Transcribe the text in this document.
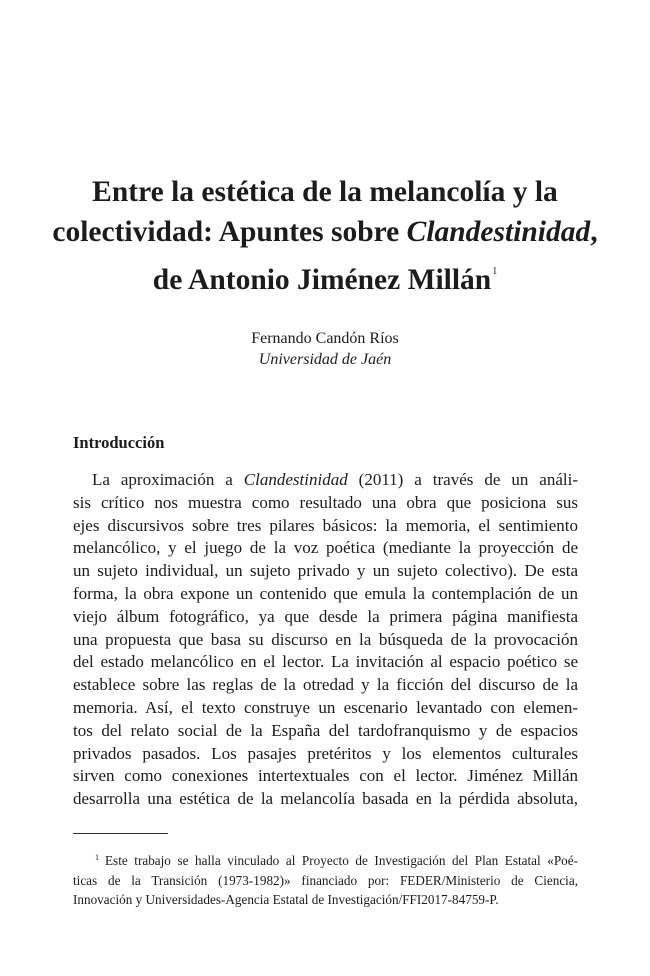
Entre la estética de la melancolía y la
colectividad: Apuntes sobre Clandestinidad,
de Antonio Jiménez Millán$^1$
Fernando Candón Ríos
Universidad de Jaén
Introducción
La aproximación a Clandestinidad (2011) a través de un análi-
sis crítico nos muestra como resultado una obra que posiciona sus
ejes discursivos sobre tres pilares básicos: la memoria, el sentimiento
melancólico, y el juego de la voz poética (mediante la proyección de
un sujeto individual, un sujeto privado y un sujeto colectivo). De esta
forma, la obra expone un contenido que emula la contemplación de un
viejo álbum fotográfico, ya que desde la primera página manifiesta
una propuesta que basa su discurso en la búsqueda de la provocación
del estado melancólico en el lector. La invitación al espacio poético se
establece sobre las reglas de la otredad y la ficción del discurso de la
memoria. Así, el texto construye un escenario levantado con elemen-
tos del relato social de la España del tardofranquismo y de espacios
privados pasados. Los pasajes pretéritos y los elementos culturales
sirven como conexiones intertextuales con el lector. Jiménez Millán
desarrolla una estética de la melancolía basada en la pérdida absoluta,
$^1$ Este trabajo se halla vinculado al Proyecto de Investigación del Plan Estatal «Poé-
ticas de la Transición (1973-1982)» financiado por: FEDER/Ministerio de Ciencia,
Innovación y Universidades-Agencia Estatal de Investigación/FFI2017-84759-P.
